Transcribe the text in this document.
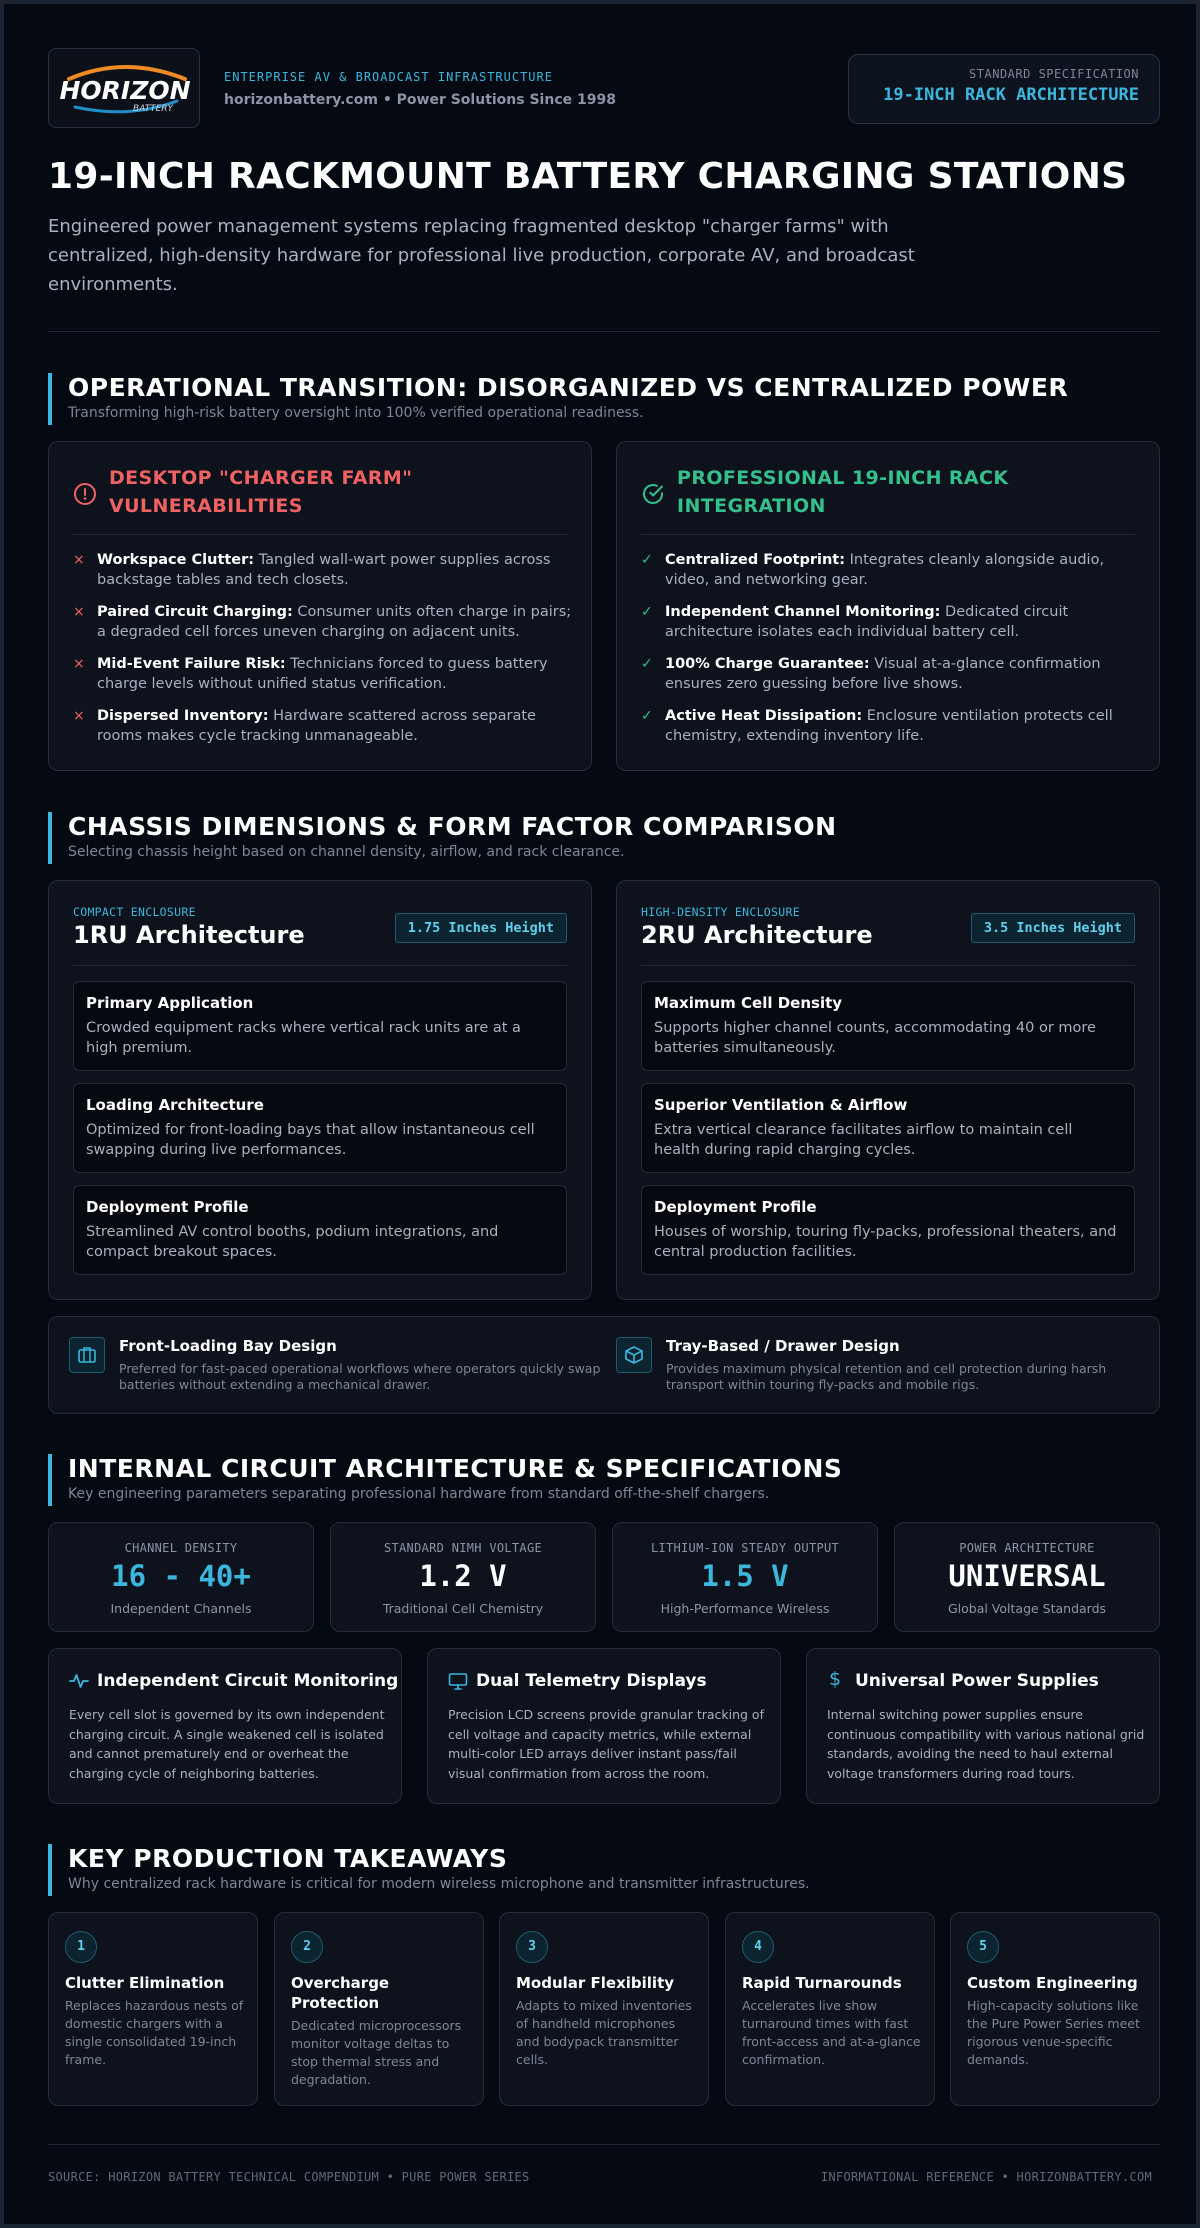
HORIZON
BATTERY
ENTERPRISE AV & BROADCAST INFRASTRUCTURE
horizonbattery.com • Power Solutions Since 1998
STANDARD SPECIFICATION
19-INCH RACK ARCHITECTURE
19-INCH RACKMOUNT BATTERY CHARGING STATIONS
Engineered power management systems replacing fragmented desktop "charger farms" with centralized, high-density hardware for professional live production, corporate AV, and broadcast environments.
OPERATIONAL TRANSITION: DISORGANIZED VS CENTRALIZED POWER
Transforming high-risk battery oversight into 100% verified operational readiness.
DESKTOP "CHARGER FARM"
VULNERABILITIES
× Workspace Clutter: Tangled wall-wart power supplies across backstage tables and tech closets.
× Paired Circuit Charging: Consumer units often charge in pairs; a degraded cell forces uneven charging on adjacent units.
× Mid-Event Failure Risk: Technicians forced to guess battery charge levels without unified status verification.
× Dispersed Inventory: Hardware scattered across separate rooms makes cycle tracking unmanageable.
PROFESSIONAL 19-INCH RACK
INTEGRATION
✓ Centralized Footprint: Integrates cleanly alongside audio, video, and networking gear.
✓ Independent Channel Monitoring: Dedicated circuit architecture isolates each individual battery cell.
✓ 100% Charge Guarantee: Visual at-a-glance confirmation ensures zero guessing before live shows.
✓ Active Heat Dissipation: Enclosure ventilation protects cell chemistry, extending inventory life.
CHASSIS DIMENSIONS & FORM FACTOR COMPARISON
Selecting chassis height based on channel density, airflow, and rack clearance.
COMPACT ENCLOSURE
1RU Architecture	1.75 Inches Height
Primary Application
Crowded equipment racks where vertical rack units are at a high premium.
Loading Architecture
Optimized for front-loading bays that allow instantaneous cell swapping during live performances.
Deployment Profile
Streamlined AV control booths, podium integrations, and compact breakout spaces.
HIGH-DENSITY ENCLOSURE
2RU Architecture	3.5 Inches Height
Maximum Cell Density
Supports higher channel counts, accommodating 40 or more batteries simultaneously.
Superior Ventilation & Airflow
Extra vertical clearance facilitates airflow to maintain cell health during rapid charging cycles.
Deployment Profile
Houses of worship, touring fly-packs, professional theaters, and central production facilities.
Front-Loading Bay Design
Preferred for fast-paced operational workflows where operators quickly swap batteries without extending a mechanical drawer.
Tray-Based / Drawer Design
Provides maximum physical retention and cell protection during harsh transport within touring fly-packs and mobile rigs.
INTERNAL CIRCUIT ARCHITECTURE & SPECIFICATIONS
Key engineering parameters separating professional hardware from standard off-the-shelf chargers.
CHANNEL DENSITY
16 - 40+
Independent Channels
STANDARD NIMH VOLTAGE
1.2 V
Traditional Cell Chemistry
LITHIUM-ION STEADY OUTPUT
1.5 V
High-Performance Wireless
POWER ARCHITECTURE
UNIVERSAL
Global Voltage Standards
Independent Circuit Monitoring
Every cell slot is governed by its own independent charging circuit. A single weakened cell is isolated and cannot prematurely end or overheat the charging cycle of neighboring batteries.
Dual Telemetry Displays
Precision LCD screens provide granular tracking of cell voltage and capacity metrics, while external multi-color LED arrays deliver instant pass/fail visual confirmation from across the room.
$ Universal Power Supplies
Internal switching power supplies ensure continuous compatibility with various national grid standards, avoiding the need to haul external voltage transformers during road tours.
KEY PRODUCTION TAKEAWAYS
Why centralized rack hardware is critical for modern wireless microphone and transmitter infrastructures.
1
Clutter Elimination
Replaces hazardous nests of domestic chargers with a single consolidated 19-inch frame.
2
Overcharge Protection
Dedicated microprocessors monitor voltage deltas to stop thermal stress and degradation.
3
Modular Flexibility
Adapts to mixed inventories of handheld microphones and bodypack transmitter cells.
4
Rapid Turnarounds
Accelerates live show turnaround times with fast front-access and at-a-glance confirmation.
5
Custom Engineering
High-capacity solutions like the Pure Power Series meet rigorous venue-specific demands.
SOURCE: HORIZON BATTERY TECHNICAL COMPENDIUM • PURE POWER SERIES	INFORMATIONAL REFERENCE • HORIZONBATTERY.COM
